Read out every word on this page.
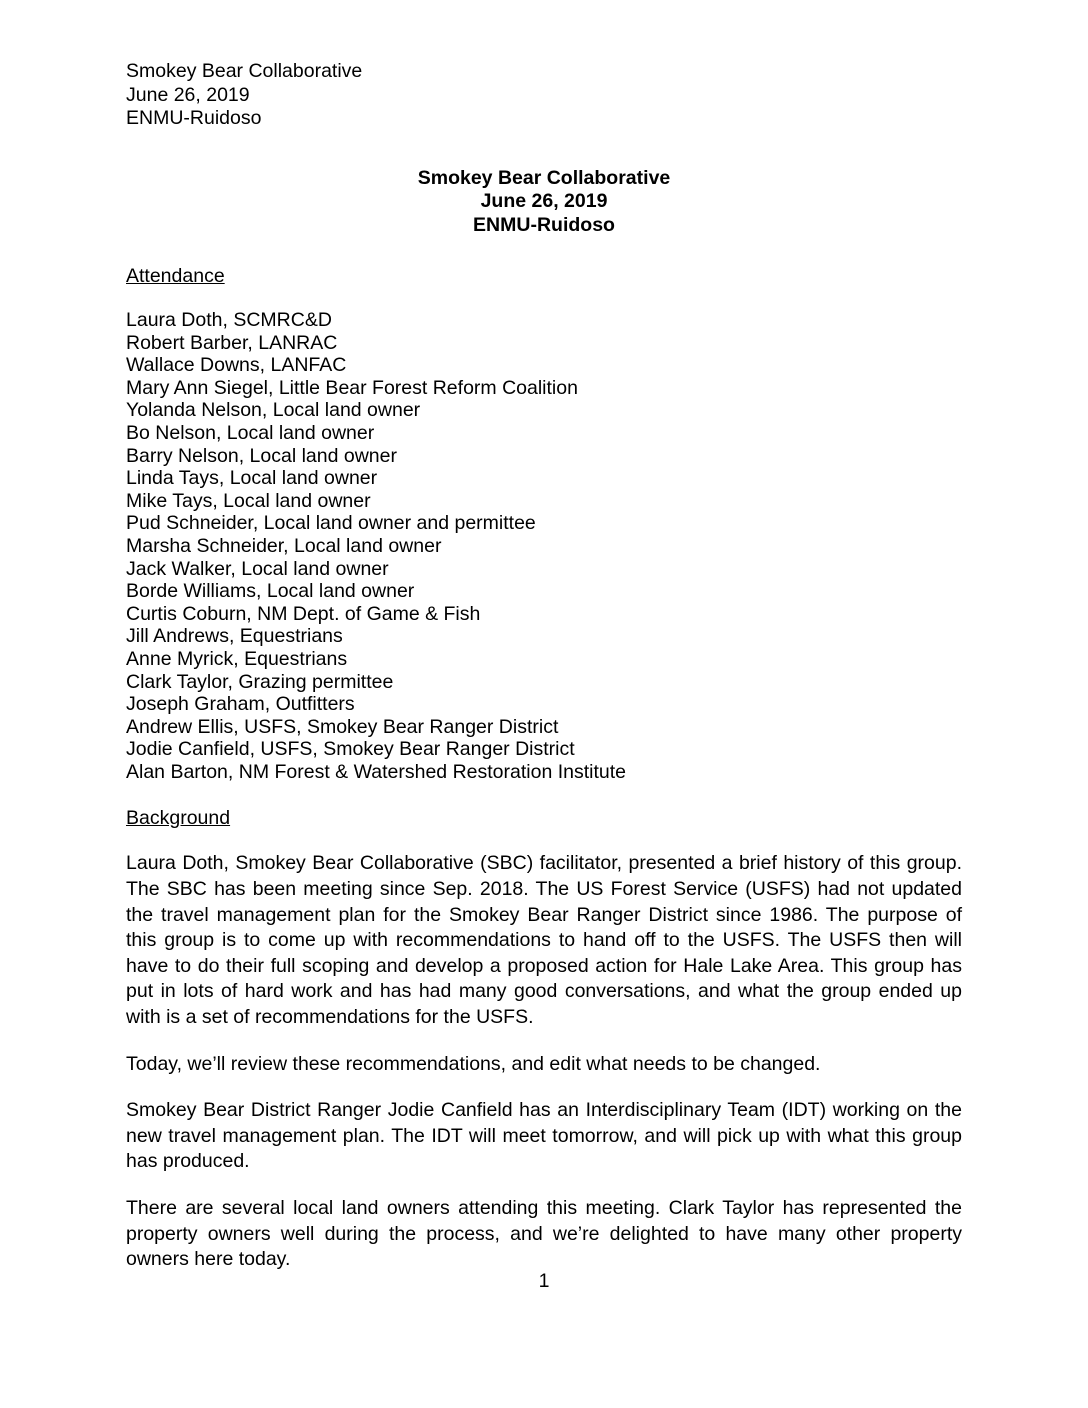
Smokey Bear Collaborative
June 26, 2019
ENMU-Ruidoso
Smokey Bear Collaborative
June 26, 2019
ENMU-Ruidoso
Attendance
Laura Doth, SCMRC&D
Robert Barber, LANRAC
Wallace Downs, LANFAC
Mary Ann Siegel, Little Bear Forest Reform Coalition
Yolanda Nelson, Local land owner
Bo Nelson, Local land owner
Barry Nelson, Local land owner
Linda Tays, Local land owner
Mike Tays, Local land owner
Pud Schneider, Local land owner and permittee
Marsha Schneider, Local land owner
Jack Walker, Local land owner
Borde Williams, Local land owner
Curtis Coburn, NM Dept. of Game & Fish
Jill Andrews, Equestrians
Anne Myrick, Equestrians
Clark Taylor, Grazing permittee
Joseph Graham, Outfitters
Andrew Ellis, USFS, Smokey Bear Ranger District
Jodie Canfield, USFS, Smokey Bear Ranger District
Alan Barton, NM Forest & Watershed Restoration Institute
Background
Laura Doth, Smokey Bear Collaborative (SBC) facilitator, presented a brief history of this group. The SBC has been meeting since Sep. 2018. The US Forest Service (USFS) had not updated the travel management plan for the Smokey Bear Ranger District since 1986. The purpose of this group is to come up with recommendations to hand off to the USFS. The USFS then will have to do their full scoping and develop a proposed action for Hale Lake Area. This group has put in lots of hard work and has had many good conversations, and what the group ended up with is a set of recommendations for the USFS.
Today, we’ll review these recommendations, and edit what needs to be changed.
Smokey Bear District Ranger Jodie Canfield has an Interdisciplinary Team (IDT) working on the new travel management plan. The IDT will meet tomorrow, and will pick up with what this group has produced.
There are several local land owners attending this meeting. Clark Taylor has represented the property owners well during the process, and we’re delighted to have many other property owners here today.
1
